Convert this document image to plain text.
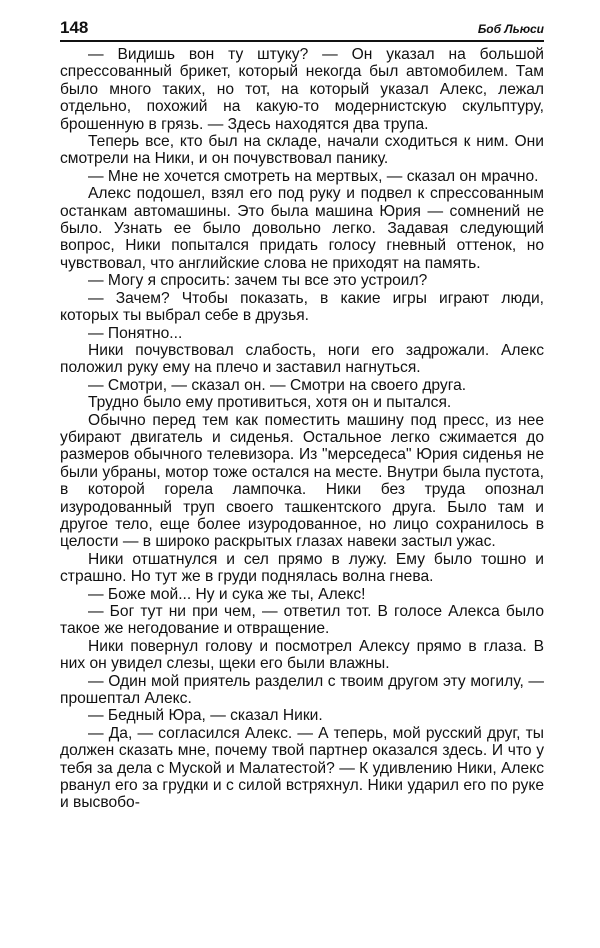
148	Боб Льюси

— Видишь вон ту штуку? — Он указал на большой спрессованный брикет, который некогда был автомобилем. Там было много таких, но тот, на который указал Алекс, лежал отдельно, похожий на какую-то модернистскую скульптуру, брошенную в грязь. — Здесь находятся два трупа.

Теперь все, кто был на складе, начали сходиться к ним. Они смотрели на Ники, и он почувствовал панику.

— Мне не хочется смотреть на мертвых, — сказал он мрачно.

Алекс подошел, взял его под руку и подвел к спрессованным останкам автомашины. Это была машина Юрия — сомнений не было. Узнать ее было довольно легко. Задавая следующий вопрос, Ники попытался придать голосу гневный оттенок, но чувствовал, что английские слова не приходят на память.

— Могу я спросить: зачем ты все это устроил?

— Зачем? Чтобы показать, в какие игры играют люди, которых ты выбрал себе в друзья.

— Понятно...

Ники почувствовал слабость, ноги его задрожали. Алекс положил руку ему на плечо и заставил нагнуться.

— Смотри, — сказал он. — Смотри на своего друга.

Трудно было ему противиться, хотя он и пытался.

Обычно перед тем как поместить машину под пресс, из нее убирают двигатель и сиденья. Остальное легко сжимается до размеров обычного телевизора. Из "мерседеса" Юрия сиденья не были убраны, мотор тоже остался на месте. Внутри была пустота, в которой горела лампочка. Ники без труда опознал изуродованный труп своего ташкентского друга. Было там и другое тело, еще более изуродованное, но лицо сохранилось в целости — в широко раскрытых глазах навеки застыл ужас.

Ники отшатнулся и сел прямо в лужу. Ему было тошно и страшно. Но тут же в груди поднялась волна гнева.

— Боже мой... Ну и сука же ты, Алекс!

— Бог тут ни при чем, — ответил тот. В голосе Алекса было такое же негодование и отвращение.

Ники повернул голову и посмотрел Алексу прямо в глаза. В них он увидел слезы, щеки его были влажны.

— Один мой приятель разделил с твоим другом эту могилу, — прошептал Алекс.

— Бедный Юра, — сказал Ники.

— Да, — согласился Алекс. — А теперь, мой русский друг, ты должен сказать мне, почему твой партнер оказался здесь. И что у тебя за дела с Муской и Малатестой? — К удивлению Ники, Алекс рванул его за грудки и с силой встряхнул. Ники ударил его по руке и высвобо-
